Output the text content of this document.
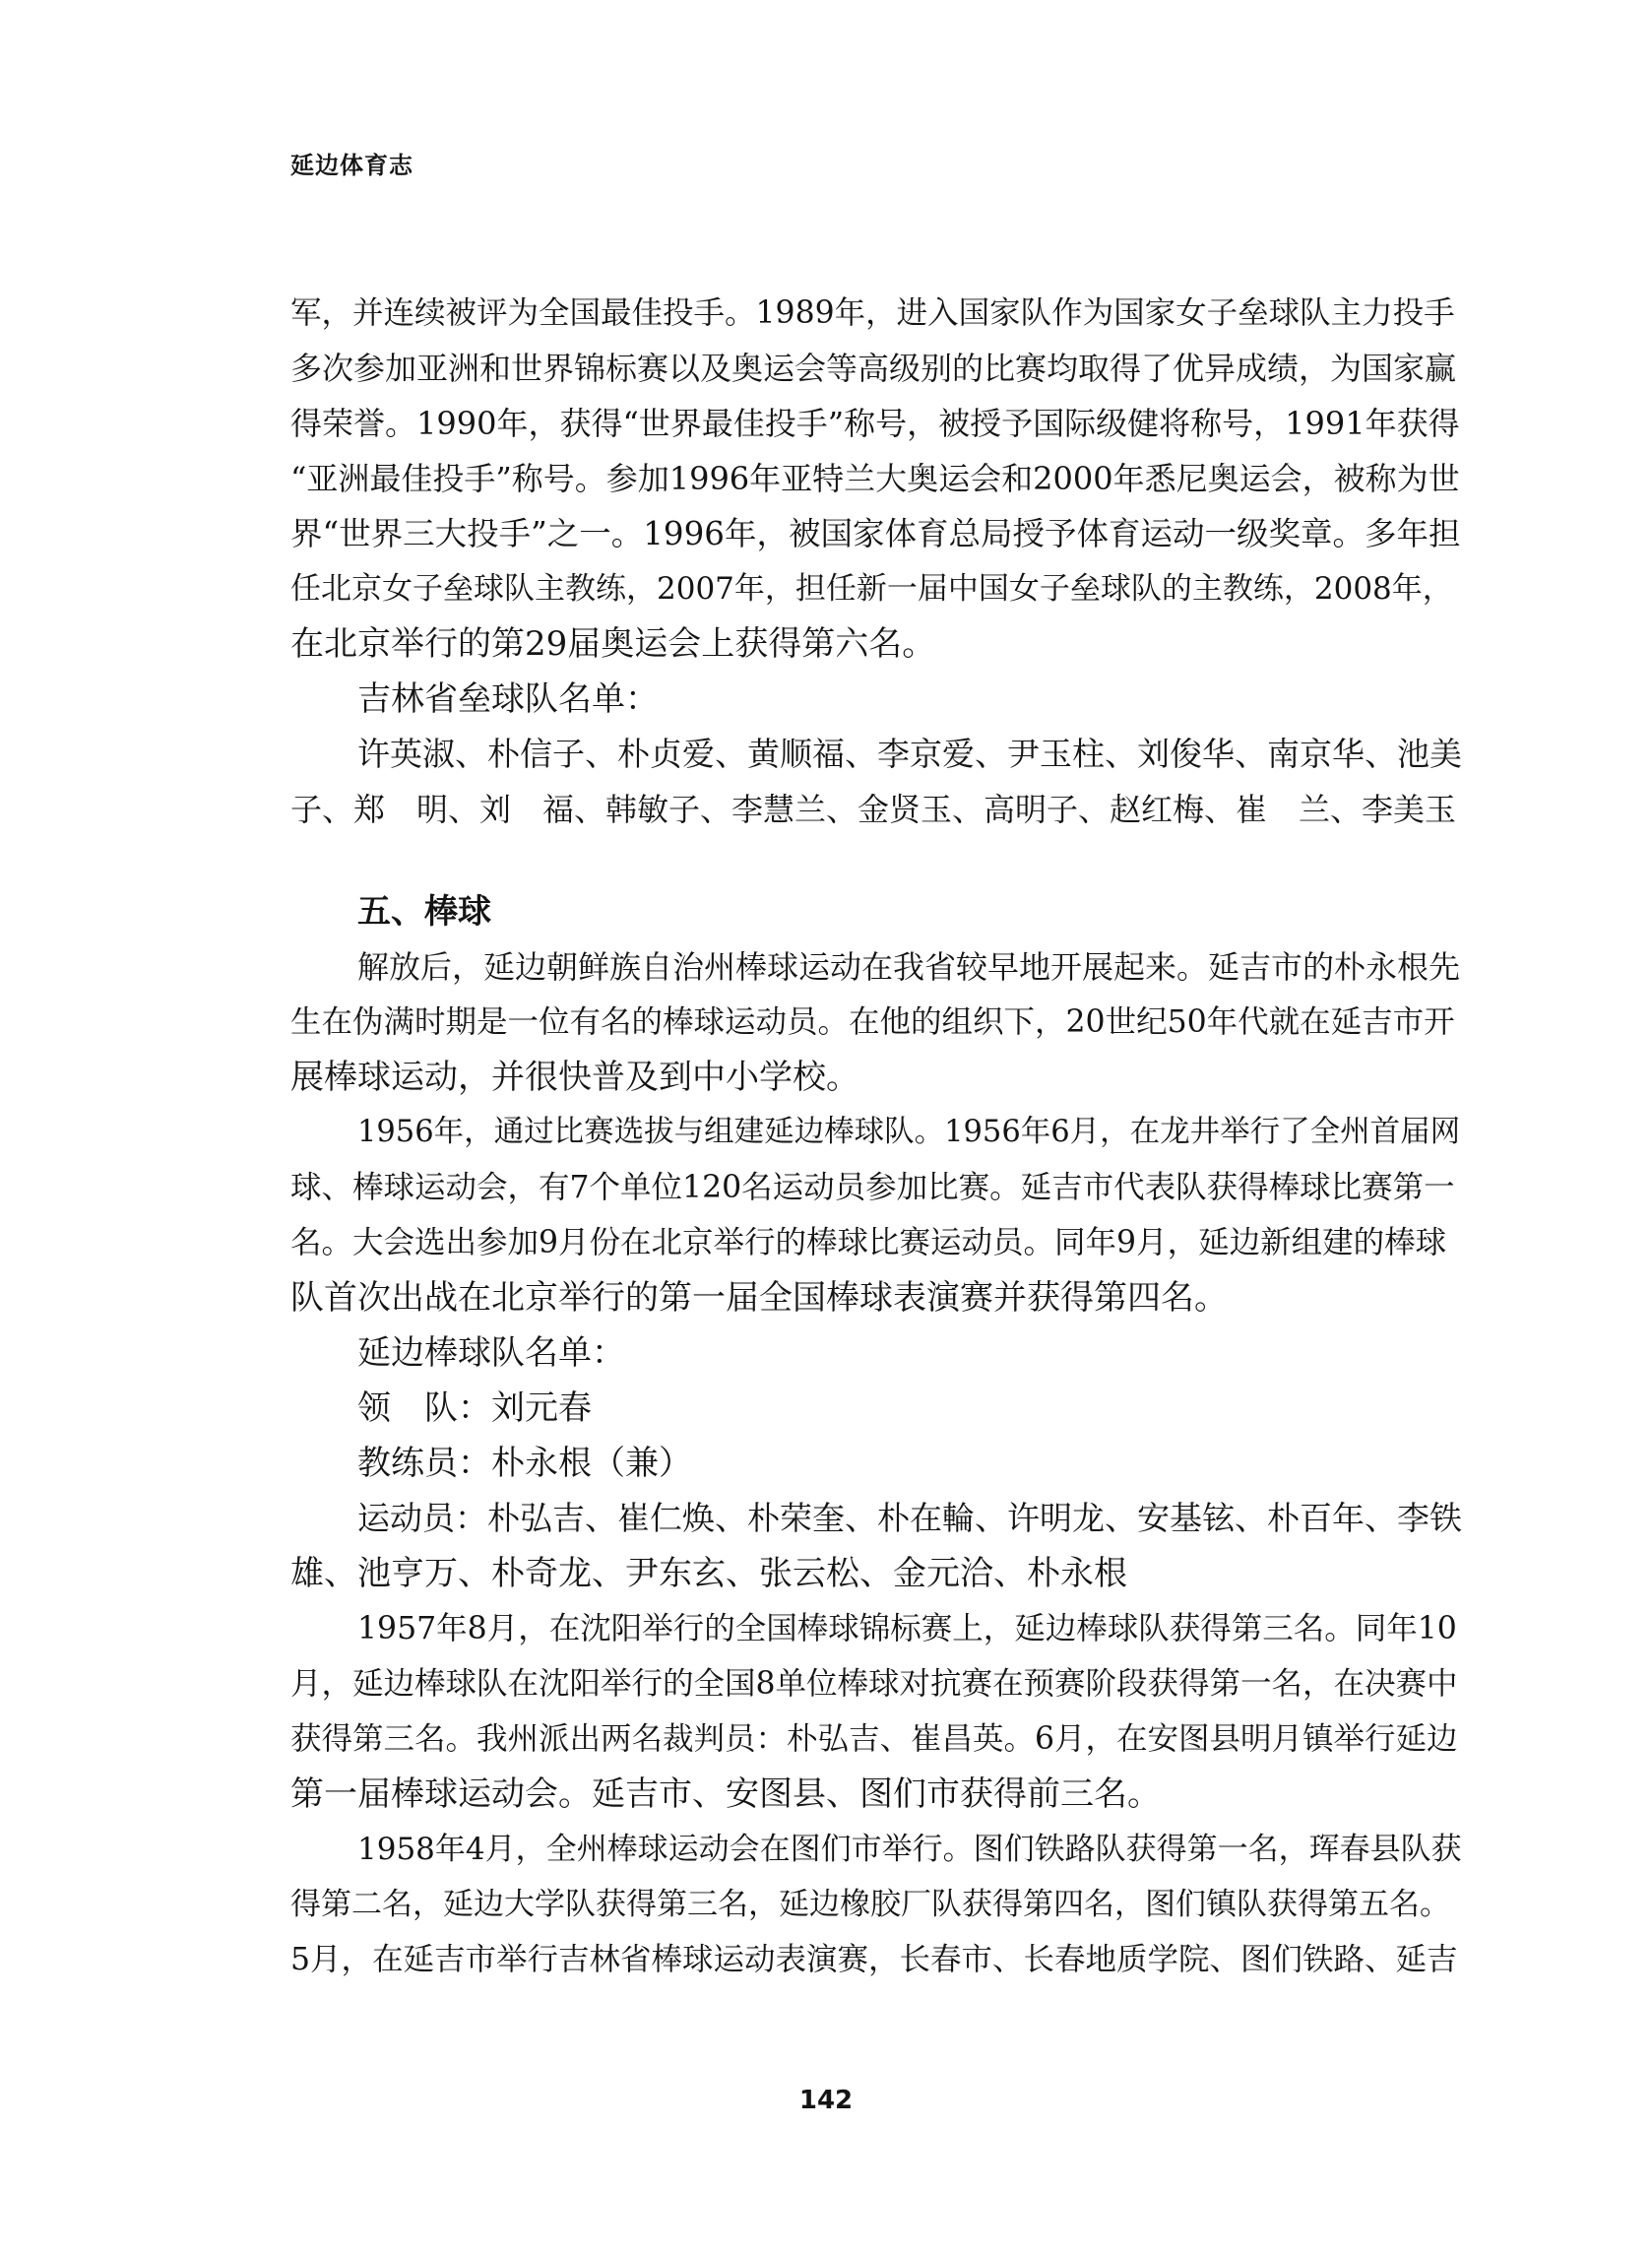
延边体育志

军，并连续被评为全国最佳投手。1989年，进入国家队作为国家女子垒球队主力投手

多次参加亚洲和世界锦标赛以及奥运会等高级别的比赛均取得了优异成绩，为国家赢

得荣誉。1990年，获得“世界最佳投手”称号，被授予国际级健将称号，1991年获得

“亚洲最佳投手”称号。参加1996年亚特兰大奥运会和2000年悉尼奥运会，被称为世

界“世界三大投手”之一。1996年，被国家体育总局授予体育运动一级奖章。多年担

任北京女子垒球队主教练，2007年，担任新一届中国女子垒球队的主教练，2008年，

在北京举行的第29届奥运会上获得第六名。

吉林省垒球队名单：

许英淑、朴信子、朴贞爱、黄顺福、李京爱、尹玉柱、刘俊华、南京华、池美

子、郑　明、刘　福、韩敏子、李慧兰、金贤玉、高明子、赵红梅、崔　兰、李美玉

五、棒球

解放后，延边朝鲜族自治州棒球运动在我省较早地开展起来。延吉市的朴永根先

生在伪满时期是一位有名的棒球运动员。在他的组织下，20世纪50年代就在延吉市开

展棒球运动，并很快普及到中小学校。

1956年，通过比赛选拔与组建延边棒球队。1956年6月，在龙井举行了全州首届网

球、棒球运动会，有7个单位120名运动员参加比赛。延吉市代表队获得棒球比赛第一

名。大会选出参加9月份在北京举行的棒球比赛运动员。同年9月，延边新组建的棒球

队首次出战在北京举行的第一届全国棒球表演赛并获得第四名。

延边棒球队名单：

领　队：刘元春

教练员：朴永根（兼）

运动员：朴弘吉、崔仁焕、朴荣奎、朴在輪、许明龙、安基铉、朴百年、李铁

雄、池亨万、朴奇龙、尹东玄、张云松、金元洽、朴永根

1957年8月，在沈阳举行的全国棒球锦标赛上，延边棒球队获得第三名。同年10

月，延边棒球队在沈阳举行的全国8单位棒球对抗赛在预赛阶段获得第一名，在决赛中

获得第三名。我州派出两名裁判员：朴弘吉、崔昌英。6月，在安图县明月镇举行延边

第一届棒球运动会。延吉市、安图县、图们市获得前三名。

1958年4月，全州棒球运动会在图们市举行。图们铁路队获得第一名，珲春县队获

得第二名，延边大学队获得第三名，延边橡胶厂队获得第四名，图们镇队获得第五名。

5月，在延吉市举行吉林省棒球运动表演赛，长春市、长春地质学院、图们铁路、延吉

142
